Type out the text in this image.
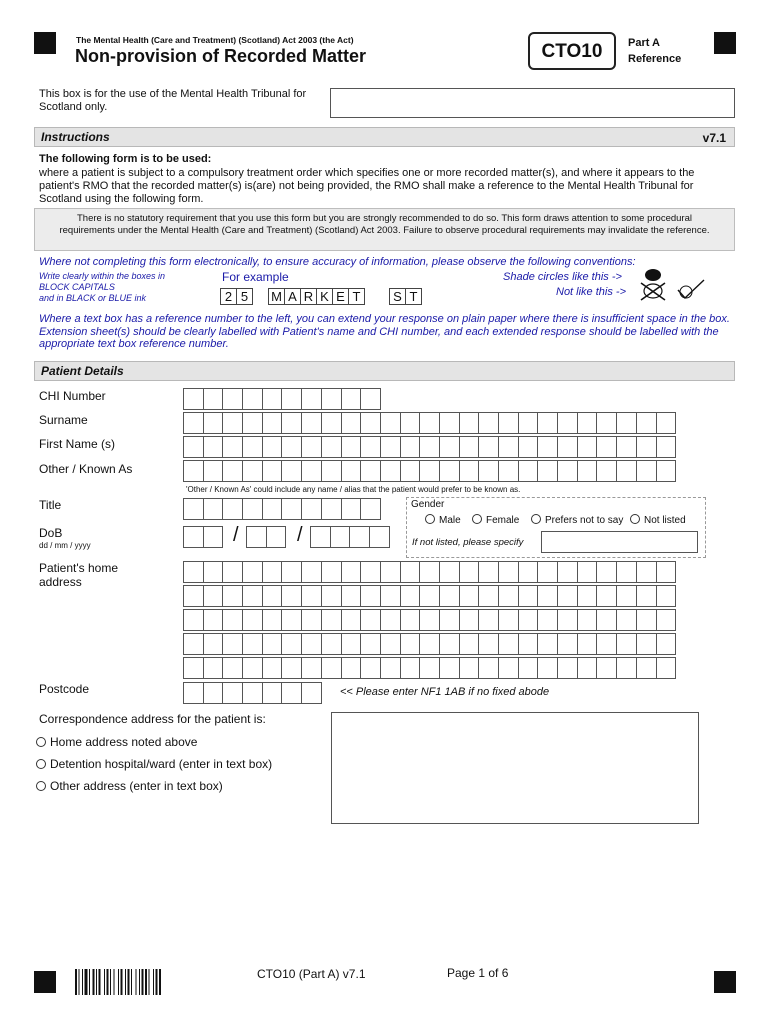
The Mental Health (Care and Treatment) (Scotland) Act 2003 (the Act)
Non-provision of Recorded Matter	CTO10	Part A
Reference
This box is for the use of the Mental Health Tribunal for Scotland only.
Instructions	v7.1
The following form is to be used:
where a patient is subject to a compulsory treatment order which specifies one or more recorded matter(s), and where it appears to the patient's RMO that the recorded matter(s) is(are) not being provided, the RMO shall make a reference to the Mental Health Tribunal for Scotland using the following form.
There is no statutory requirement that you use this form but you are strongly recommended to do so. This form draws attention to some procedural requirements under the Mental Health (Care and Treatment) (Scotland) Act 2003. Failure to observe procedural requirements may invalidate the reference.
Where not completing this form electronically, to ensure accuracy of information, please observe the following conventions:
Write clearly within the boxes in
BLOCK CAPITALS
and in BLACK or BLUE ink
For example
2 5	M A R K E T	S T
Shade circles like this ->
Not like this ->
Where a text box has a reference number to the left, you can extend your response on plain paper where there is insufficient space in the box. Extension sheet(s) should be clearly labelled with Patient's name and CHI number, and each extended response should be labelled with the appropriate text box reference number.
Patient Details
CHI Number
Surname
First Name (s)
Other / Known As
'Other / Known As' could include any name / alias that the patient would prefer to be known as.
Title
DoB
dd / mm / yyyy	/	/
Gender
Male	Female	Prefers not to say	Not listed
If not listed, please specify
Patient's home address
Postcode	<< Please enter NF1 1AB if no fixed abode
Correspondence address for the patient is:
Home address noted above
Detention hospital/ward (enter in text box)
Other address (enter in text box)
CTO10 (Part A) v7.1	Page 1 of 6
